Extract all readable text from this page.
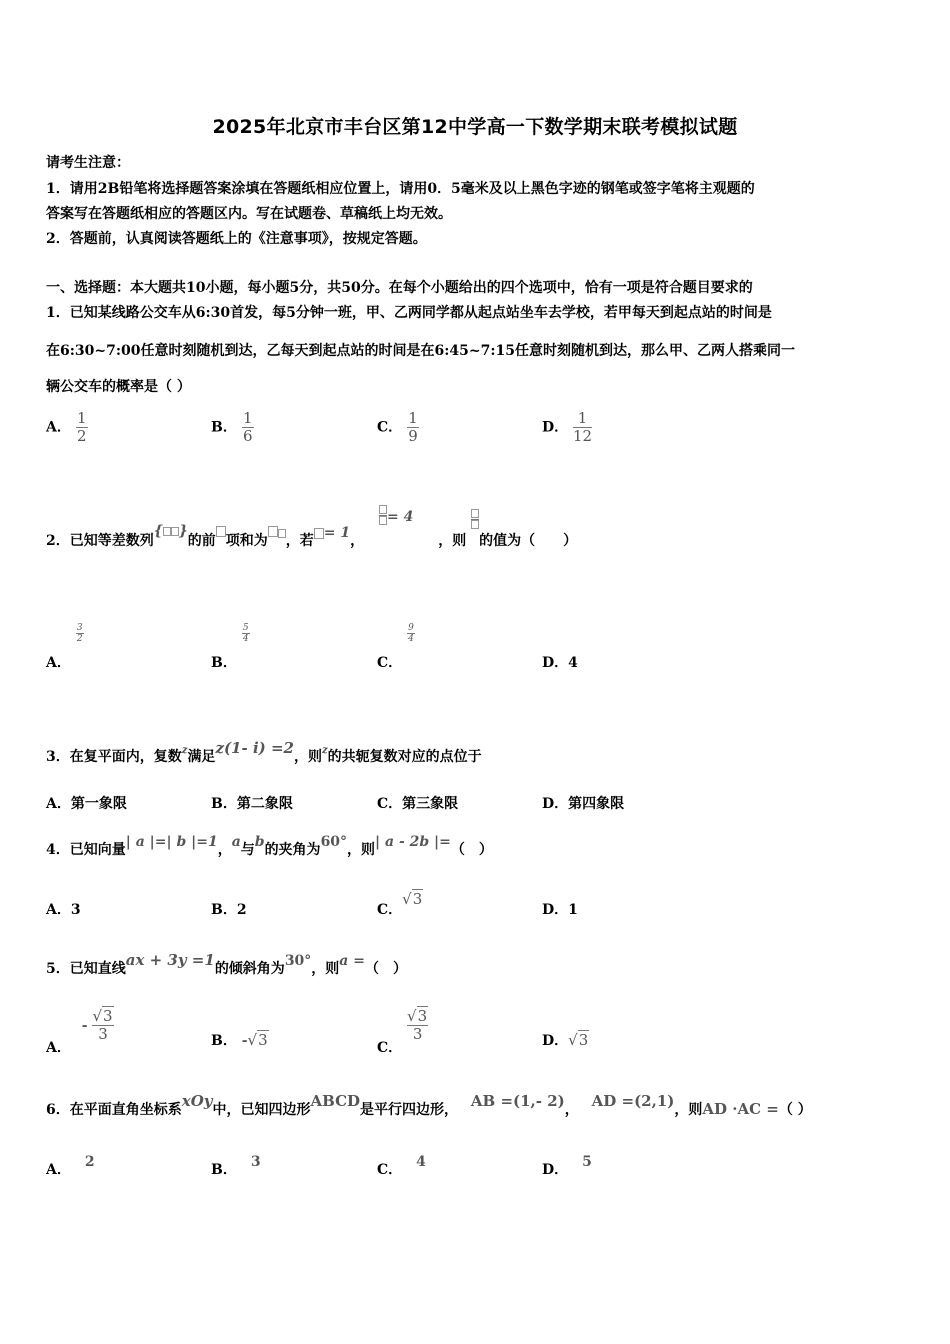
2025年北京市丰台区第12中学高一下数学期末联考模拟试题
请考生注意：
1．请用2B铅笔将选择题答案涂填在答题纸相应位置上，请用0．5毫米及以上黑色字迹的钢笔或签字笔将主观题的
答案写在答题纸相应的答题区内。写在试题卷、草稿纸上均无效。
2．答题前，认真阅读答题纸上的《注意事项》，按规定答题。
一、选择题：本大题共10小题，每小题5分，共50分。在每个小题给出的四个选项中，恰有一项是符合题目要求的
1．已知某线路公交车从6:30首发，每5分钟一班，甲、乙两同学都从起点站坐车去学校，若甲每天到起点站的时间是
在6:30~7:00任意时刻随机到达，乙每天到起点站的时间是在6:45~7:15任意时刻随机到达，那么甲、乙两人搭乘同一
辆公交车的概率是（ ）
A． $\frac{1}{2}$	B． $\frac{1}{6}$	C． $\frac{1}{9}$	D． $\frac{1}{12}$
2．已知等差数列{ }的前 项和为 ，若 = 1，
= 4 ，则 的值为（　　）
A．
$\frac{3}{2}$
B．
$\frac{5}{4}$
C．
$\frac{9}{4}$
D．4
3．在复平面内，复数$^z$满足z(1- i) =2，则$^z$的共轭复数对应的点位于
A．第一象限	B．第二象限	C．第三象限	D．第四象限
4．已知向量| a |=| b |=1，a与b的夹角为60°，则| a - 2b |=（　）
A．3	B．2	C．√3
D．1
5．已知直线ax + 3y =1的倾斜角为30°，则a =（　）
A． - $\frac{√3}{3}$	B． -√3	C．
$\frac{√3}{3}$	D．√3
6．在平面直角坐标系xOy中，已知四边形ABCD是平行四边形， AB =(1,- 2)， AD =(2,1)，则AD ·AC =（ ）
A． 2	B． 3	C． 4	D． 5
